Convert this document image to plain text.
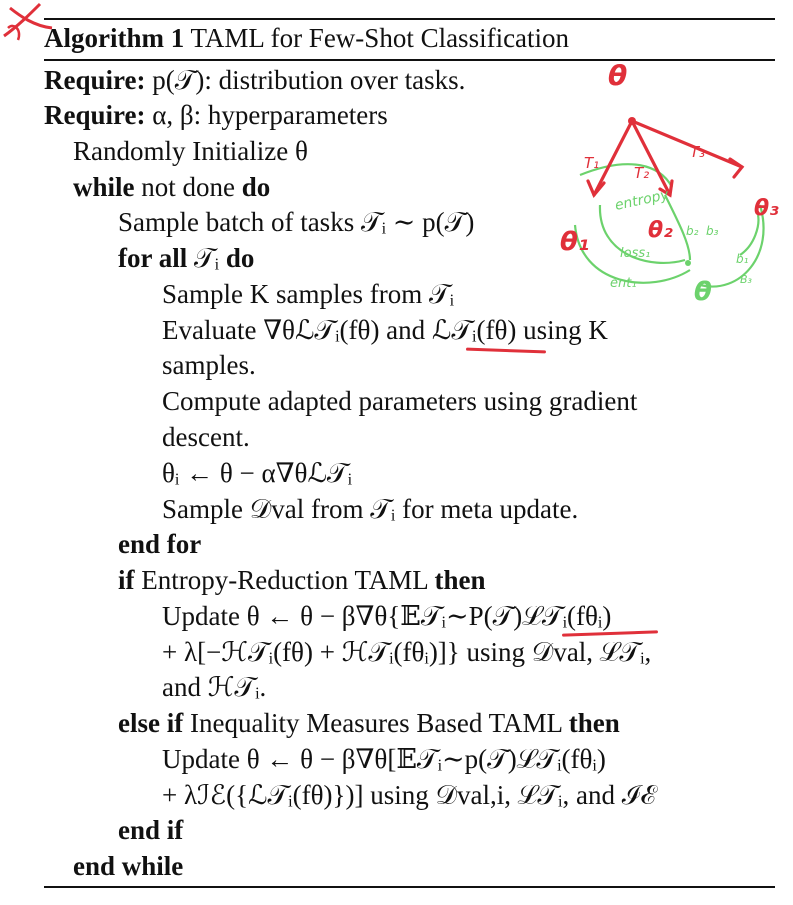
Algorithm 1 TAML for Few-Shot Classification
Require: p(𝒯): distribution over tasks.
Require: α, β: hyperparameters
Randomly Initialize θ
while not done do
Sample batch of tasks 𝒯ᵢ ∼ p(𝒯)
for all 𝒯ᵢ do
Sample K samples from 𝒯ᵢ
Evaluate ∇θℒ𝒯ᵢ(fθ) and ℒ𝒯ᵢ(fθ) using K
samples.
Compute adapted parameters using gradient
descent.
θᵢ ← θ − α∇θℒ𝒯ᵢ
Sample 𝒟val from 𝒯ᵢ for meta update.
end for
if Entropy-Reduction TAML then
Update θ ← θ − β∇θ{𝔼𝒯ᵢ∼P(𝒯)ℒ𝒯ᵢ(fθᵢ)
+ λ[−ℋ𝒯ᵢ(fθ) + ℋ𝒯ᵢ(fθᵢ)]} using 𝒟val, ℒ𝒯ᵢ,
and ℋ𝒯ᵢ.
else if Inequality Measures Based TAML then
Update θ ← θ − β∇θ[𝔼𝒯ᵢ∼p(𝒯)ℒ𝒯ᵢ(fθᵢ)
+ λℐℰ({ℒ𝒯ᵢ(fθ)})] using 𝒟val,i, ℒ𝒯ᵢ, and ℐℰ
end if
end while
θ
T₁
T₂
T₃
θ₁	θ₂
θ₃
entropy
loss₁
ent₁
b₂ b₃
b₁
B₃
θ
